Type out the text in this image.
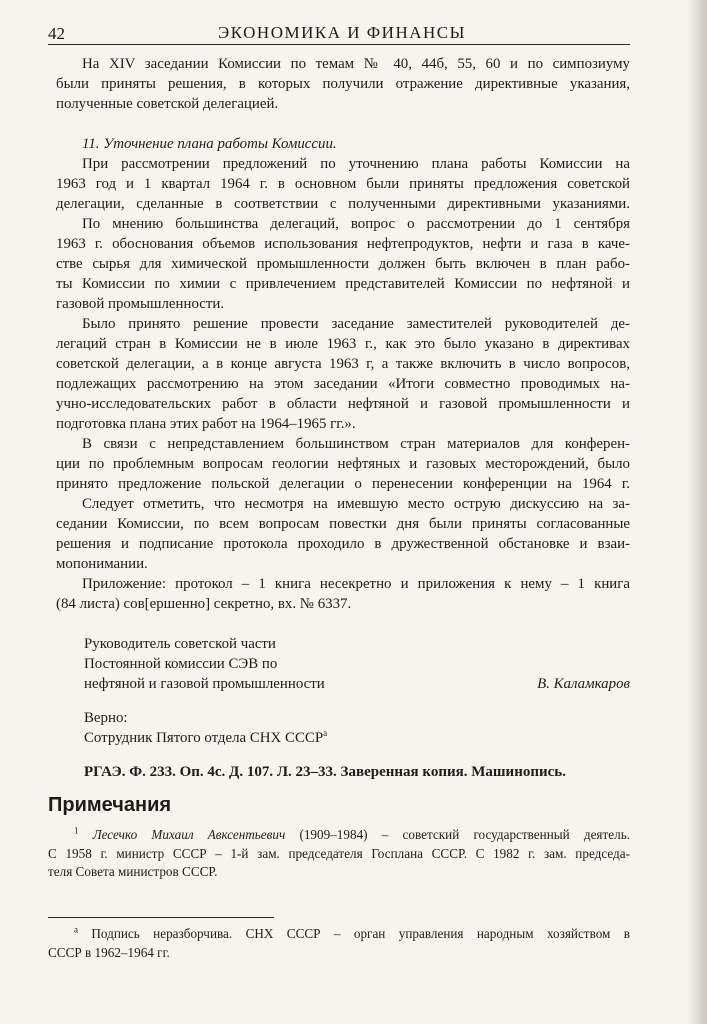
42	ЭКОНОМИКА И ФИНАНСЫ
На XIV заседании Комиссии по темам № 40, 44б, 55, 60 и по симпозиуму
были приняты решения, в которых получили отражение директивные указания,
полученные советской делегацией.
11. Уточнение плана работы Комиссии.
При рассмотрении предложений по уточнению плана работы Комиссии на
1963 год и 1 квартал 1964 г. в основном были приняты предложения советской
делегации, сделанные в соответствии с полученными директивными указаниями.
По мнению большинства делегаций, вопрос о рассмотрении до 1 сентября
1963 г. обоснования объемов использования нефтепродуктов, нефти и газа в каче-
стве сырья для химической промышленности должен быть включен в план рабо-
ты Комиссии по химии с привлечением представителей Комиссии по нефтяной и
газовой промышленности.
Было принято решение провести заседание заместителей руководителей де-
легаций стран в Комиссии не в июле 1963 г., как это было указано в директивах
советской делегации, а в конце августа 1963 г, а также включить в число вопросов,
подлежащих рассмотрению на этом заседании «Итоги совместно проводимых на-
учно-исследовательских работ в области нефтяной и газовой промышленности и
подготовка плана этих работ на 1964–1965 гг.».
В связи с непредставлением большинством стран материалов для конферен-
ции по проблемным вопросам геологии нефтяных и газовых месторождений, было
принято предложение польской делегации о перенесении конференции на 1964 г.
Следует отметить, что несмотря на имевшую место острую дискуссию на за-
седании Комиссии, по всем вопросам повестки дня были приняты согласованные
решения и подписание протокола проходило в дружественной обстановке и взаи-
мопонимании.
Приложение: протокол – 1 книга несекретно и приложения к нему – 1 книга
(84 листа) сов[ершенно] секретно, вх. № 6337.
Руководитель советской части
Постоянной комиссии СЭВ по
нефтяной и газовой промышленности	В. Каламкаров
Верно:
Сотрудник Пятого отдела СНХ $СССР^а$
РГАЭ. Ф. 233. Оп. 4с. Д. 107. Л. 23–33. Заверенная копия. Машинопись.
Примечания
$^1$ Лесечко Михаил Авксентьевич (1909–1984) – советский государственный деятель.
С 1958 г. министр СССР – 1-й зам. председателя Госплана СССР. С 1982 г. зам. председа-
теля Совета министров СССР.
$^а$ Подпись неразборчива. СНХ СССР – орган управления народным хозяйством в
СССР в 1962–1964 гг.
